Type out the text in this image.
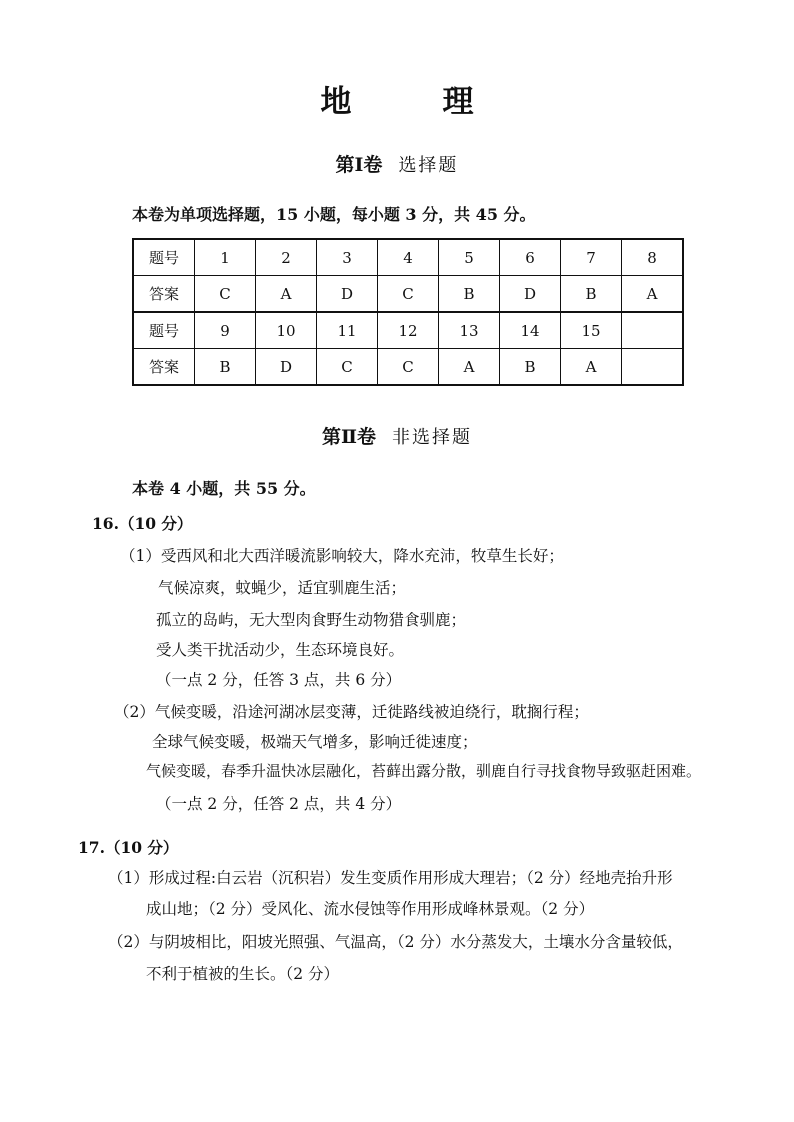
地　理
第Ⅰ卷 选择题
本卷为单项选择题，15 小题，每小题 3 分，共 45 分。
题号	1	2	3	4	5	6	7	8
答案	C	A	D	C	B	D	B	A
题号	9	10	11	12	13	14	15	
答案	B	D	C	C	A	B	A	
第Ⅱ卷 非选择题
本卷 4 小题，共 55 分。
16.（10 分）
（1）受西风和北大西洋暖流影响较大，降水充沛，牧草生长好；
气候凉爽，蚊蝇少，适宜驯鹿生活；
孤立的岛屿，无大型肉食野生动物猎食驯鹿；
受人类干扰活动少，生态环境良好。
（一点 2 分，任答 3 点，共 6 分）
（2）气候变暖，沿途河湖冰层变薄，迁徙路线被迫绕行，耽搁行程；
全球气候变暖，极端天气增多，影响迁徙速度；
气候变暖，春季升温快冰层融化，苔藓出露分散，驯鹿自行寻找食物导致驱赶困难。
（一点 2 分，任答 2 点，共 4 分）
17.（10 分）
（1）形成过程:白云岩（沉积岩）发生变质作用形成大理岩；（2 分）经地壳抬升形
成山地；（2 分）受风化、流水侵蚀等作用形成峰林景观。（2 分）
（2）与阴坡相比，阳坡光照强、气温高，（2 分）水分蒸发大，土壤水分含量较低，
不利于植被的生长。（2 分）
